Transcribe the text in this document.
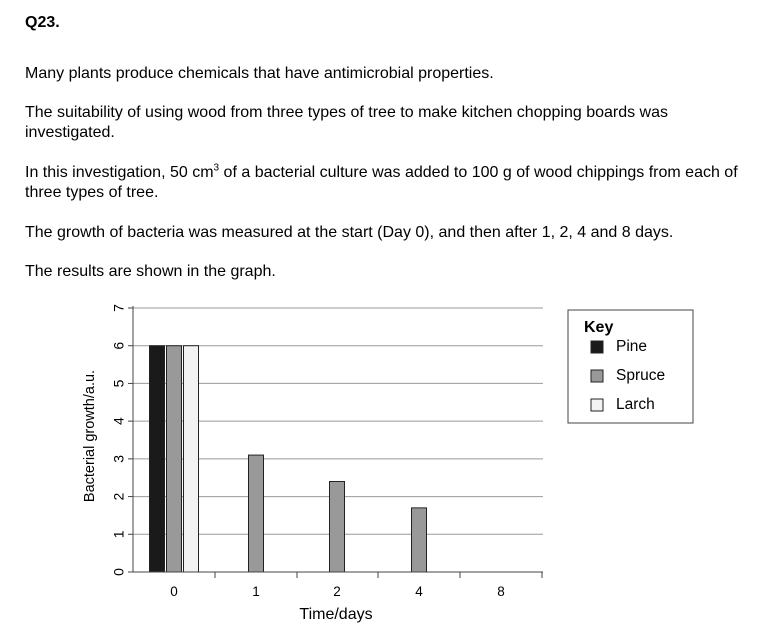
Q23.

Many plants produce chemicals that have antimicrobial properties.

The suitability of using wood from three types of tree to make kitchen chopping boards was investigated.

In this investigation, 50 $cm^3$ of a bacterial culture was added to 100 g of wood chippings from each of three types of tree.

The growth of bacteria was measured at the start (Day 0), and then after 1, 2, 4 and 8 days.

The results are shown in the graph.

0
1
2
3
4
5
6
7
0	1	2	4	8
Bacterial growth/a.u.
Time/days
Key
Pine
Spruce
Larch
